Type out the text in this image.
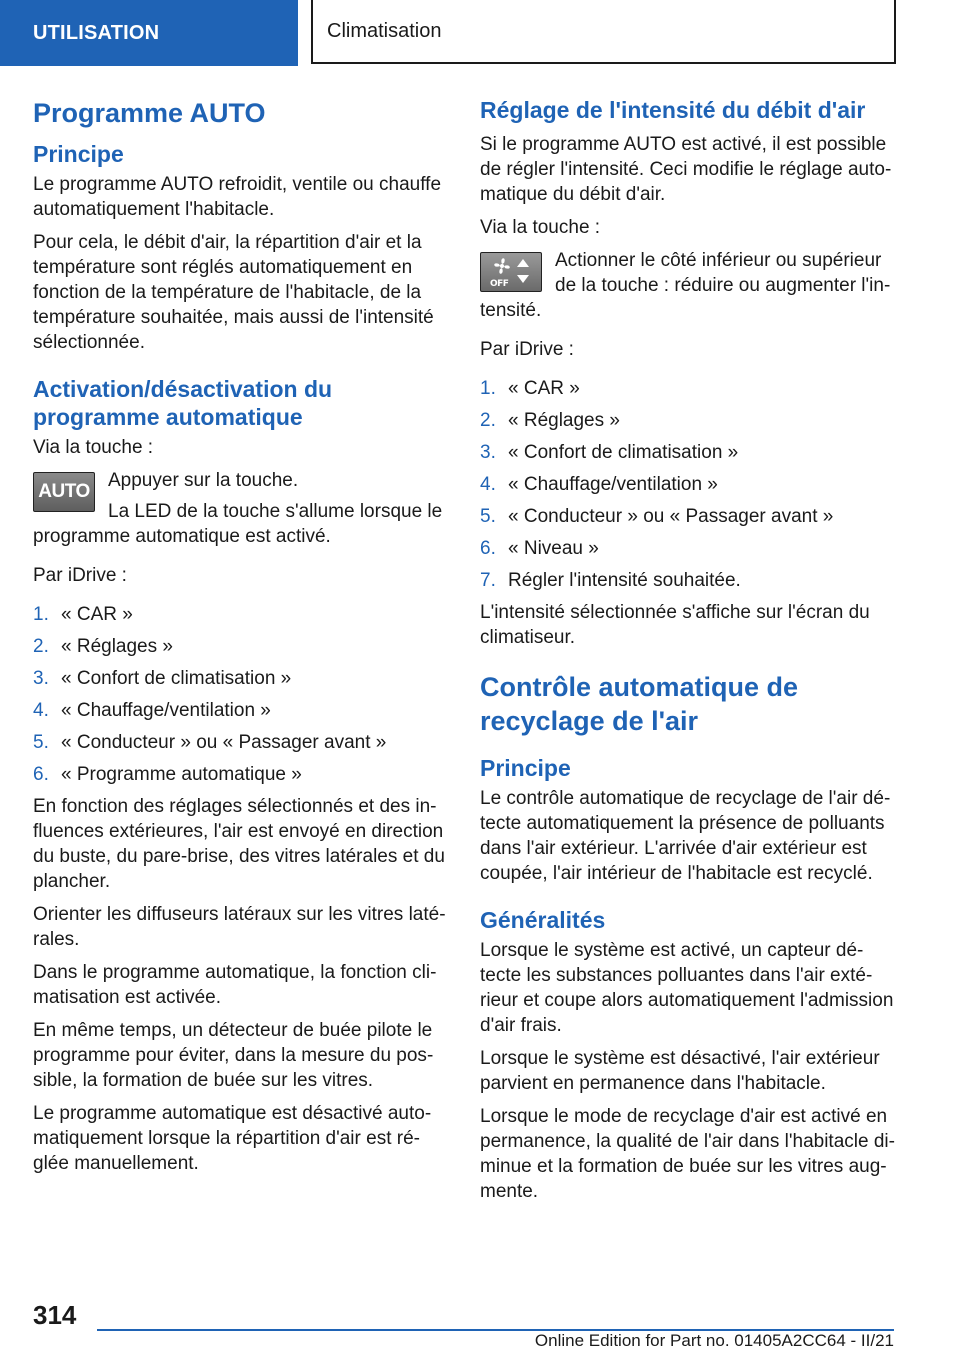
UTILISATION	Climatisation
Programme AUTO
Principe

Le programme AUTO refroidit, ventile ou chauffe automatiquement l'habitacle.

Pour cela, le débit d'air, la répartition d'air et la température sont réglés automatiquement en fonction de la température de l'habitacle, de la température souhaitée, mais aussi de l'intensité sélectionnée.

Activation/désactivation du programme automatique

Via la touche :

AUTO

Appuyer sur la touche.

La LED de la touche s'allume lorsque le programme automatique est activé.

Par iDrive :

1. « CAR »
2. « Réglages »
3. « Confort de climatisation »
4. « Chauffage/ventilation »
5. « Conducteur » ou « Passager avant »
6. « Programme automatique »

En fonction des réglages sélectionnés et des influences extérieures, l'air est envoyé en direction du buste, du pare-brise, des vitres latérales et du plancher.

Orienter les diffuseurs latéraux sur les vitres latérales.

Dans le programme automatique, la fonction climatisation est activée.

En même temps, un détecteur de buée pilote le programme pour éviter, dans la mesure du possible, la formation de buée sur les vitres.

Le programme automatique est désactivé automatiquement lorsque la répartition d'air est réglée manuellement.

Réglage de l'intensité du débit d'air

Si le programme AUTO est activé, il est possible de régler l'intensité. Ceci modifie le réglage automatique du débit d'air.

Via la touche :

OFF

Actionner le côté inférieur ou supérieur de la touche : réduire ou augmenter l'intensité.

Par iDrive :

1. « CAR »
2. « Réglages »
3. « Confort de climatisation »
4. « Chauffage/ventilation »
5. « Conducteur » ou « Passager avant »
6. « Niveau »
7. Régler l'intensité souhaitée.

L'intensité sélectionnée s'affiche sur l'écran du climatiseur.

Contrôle automatique de recyclage de l'air
Principe

Le contrôle automatique de recyclage de l'air détecte automatiquement la présence de polluants dans l'air extérieur. L'arrivée d'air extérieur est coupée, l'air intérieur de l'habitacle est recyclé.

Généralités

Lorsque le système est activé, un capteur détecte les substances polluantes dans l'air extérieur et coupe alors automatiquement l'admission d'air frais.

Lorsque le système est désactivé, l'air extérieur parvient en permanence dans l'habitacle.

Lorsque le mode de recyclage d'air est activé en permanence, la qualité de l'air dans l'habitacle diminue et la formation de buée sur les vitres augmente.

314
Online Edition for Part no. 01405A2CC64 - II/21
